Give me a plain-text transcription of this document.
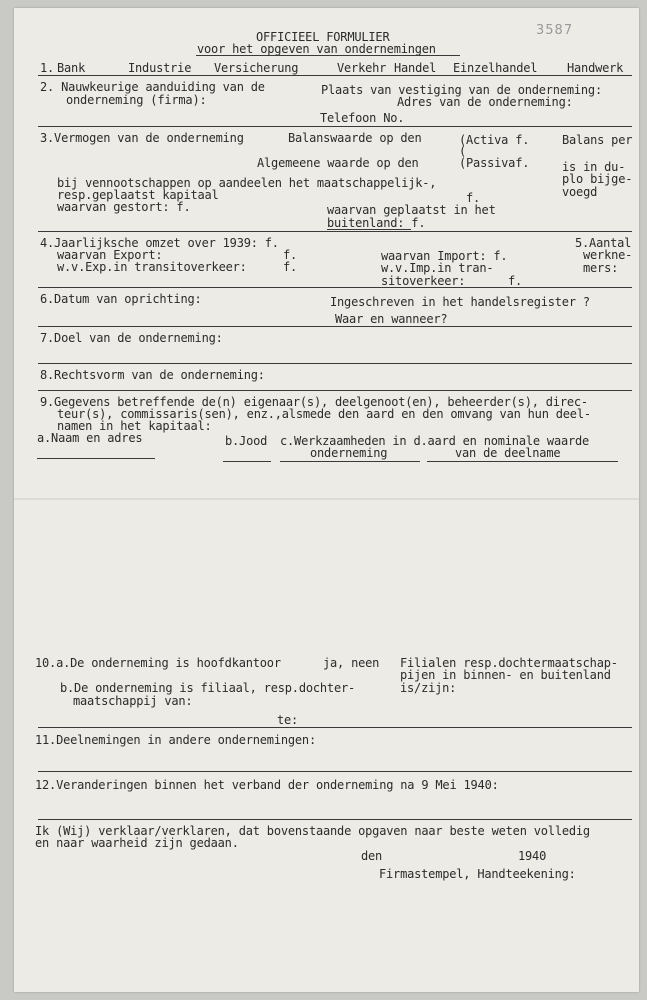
3587
OFFICIEEL FORMULIER
voor het opgeven van ondernemingen
1. Bank	Industrie Versicherung	Verkehr Handel Einzelhandel Handwerk
2. Nauwkeurige aanduiding van de
onderneming (firma):
Plaats van vestiging van de onderneming:
Adres van de onderneming:
Telefoon No.
3.Vermogen van de onderneming	Balanswaarde op den	(Activa f.
(
Algemeene waarde op den	(Passivaf.
Balans per
is in du-
plo bijge-
voegd
bij vennootschappen op aandeelen het maatschappelijk-,
resp.geplaatst kapitaal	f.
waarvan gestort: f.	waarvan geplaatst in het
buitenland: f.
4.Jaarlijksche omzet over 1939: f.
waarvan Export:	f.
w.v.Exp.in transitoverkeer:	f.
waarvan Import: f.
w.v.Imp.in tran-
sitoverkeer:	f.
5.Aantal
werkne-
mers:
6.Datum van oprichting:	Ingeschreven in het handelsregister ?
Waar en wanneer?
7.Doel van de onderneming:
8.Rechtsvorm van de onderneming:
9.Gegevens betreffende de(n) eigenaar(s), deelgenoot(en), beheerder(s), direc-
teur(s), commissaris(sen), enz.,alsmede den aard en den omvang van hun deel-
namen in het kapitaal:
a.Naam en adres	b.Jood c.Werkzaamheden in d.aard en nominale waarde
onderneming	van de deelname
10.a.De onderneming is hoofdkantoor	ja, neen Filialen resp.dochtermaatschap-
pijen in binnen- en buitenland
is/zijn:
b.De onderneming is filiaal, resp.dochter-
maatschappij van:
te:
11.Deelnemingen in andere ondernemingen:
12.Veranderingen binnen het verband der onderneming na 9 Mei 1940:
Ik (Wij) verklaar/verklaren, dat bovenstaande opgaven naar beste weten volledig
en naar waarheid zijn gedaan.
den	1940
Firmastempel, Handteekening:
